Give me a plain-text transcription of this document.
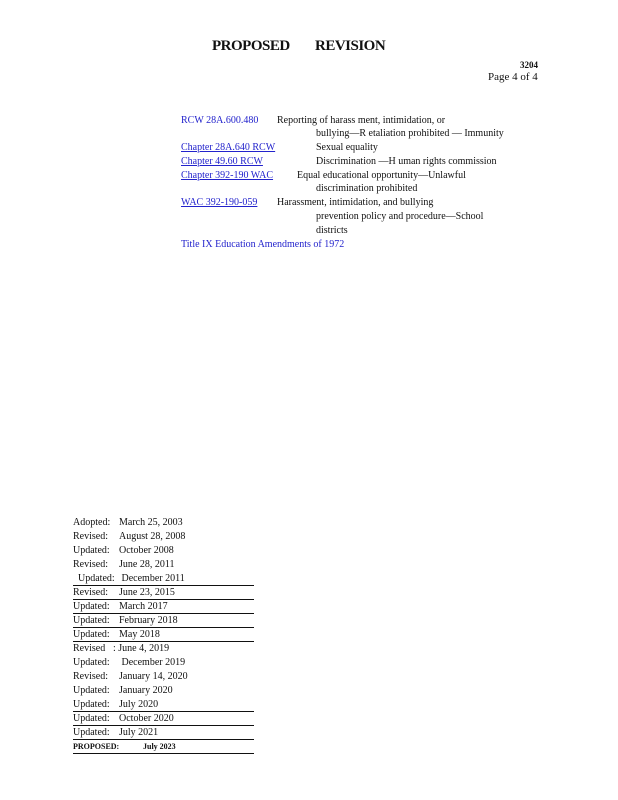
PROPOSED REVISION
3204
Page 4 of 4
RCW 28A.600.480 Reporting of harass ment, intimidation, or
bullying—R etaliation prohibited — Immunity
Chapter 28A.640 RCW	Sexual equality
Chapter 49.60 RCW	Discrimination —H uman rights commission
Chapter 392-190 WAC	Equal educational opportunity—Unlawful
discrimination prohibited
WAC 392-190-059	Harassment, intimidation, and bullying
prevention policy and procedure—School
districts
Title IX Education Amendments of 1972
Adopted: March 25, 2003
Revised: August 28, 2008
Updated: October 2008
Revised: June 28, 2011
Updated: December 2011
Revised: June 23, 2015
Updated: March 2017
Updated: February 2018
Updated: May 2018
Revised : June 4, 2019
Updated: December 2019
Revised: January 14, 2020
Updated: January 2020
Updated: July 2020
Updated: October 2020
Updated: July 2021
PROPOSED:	July 2023
